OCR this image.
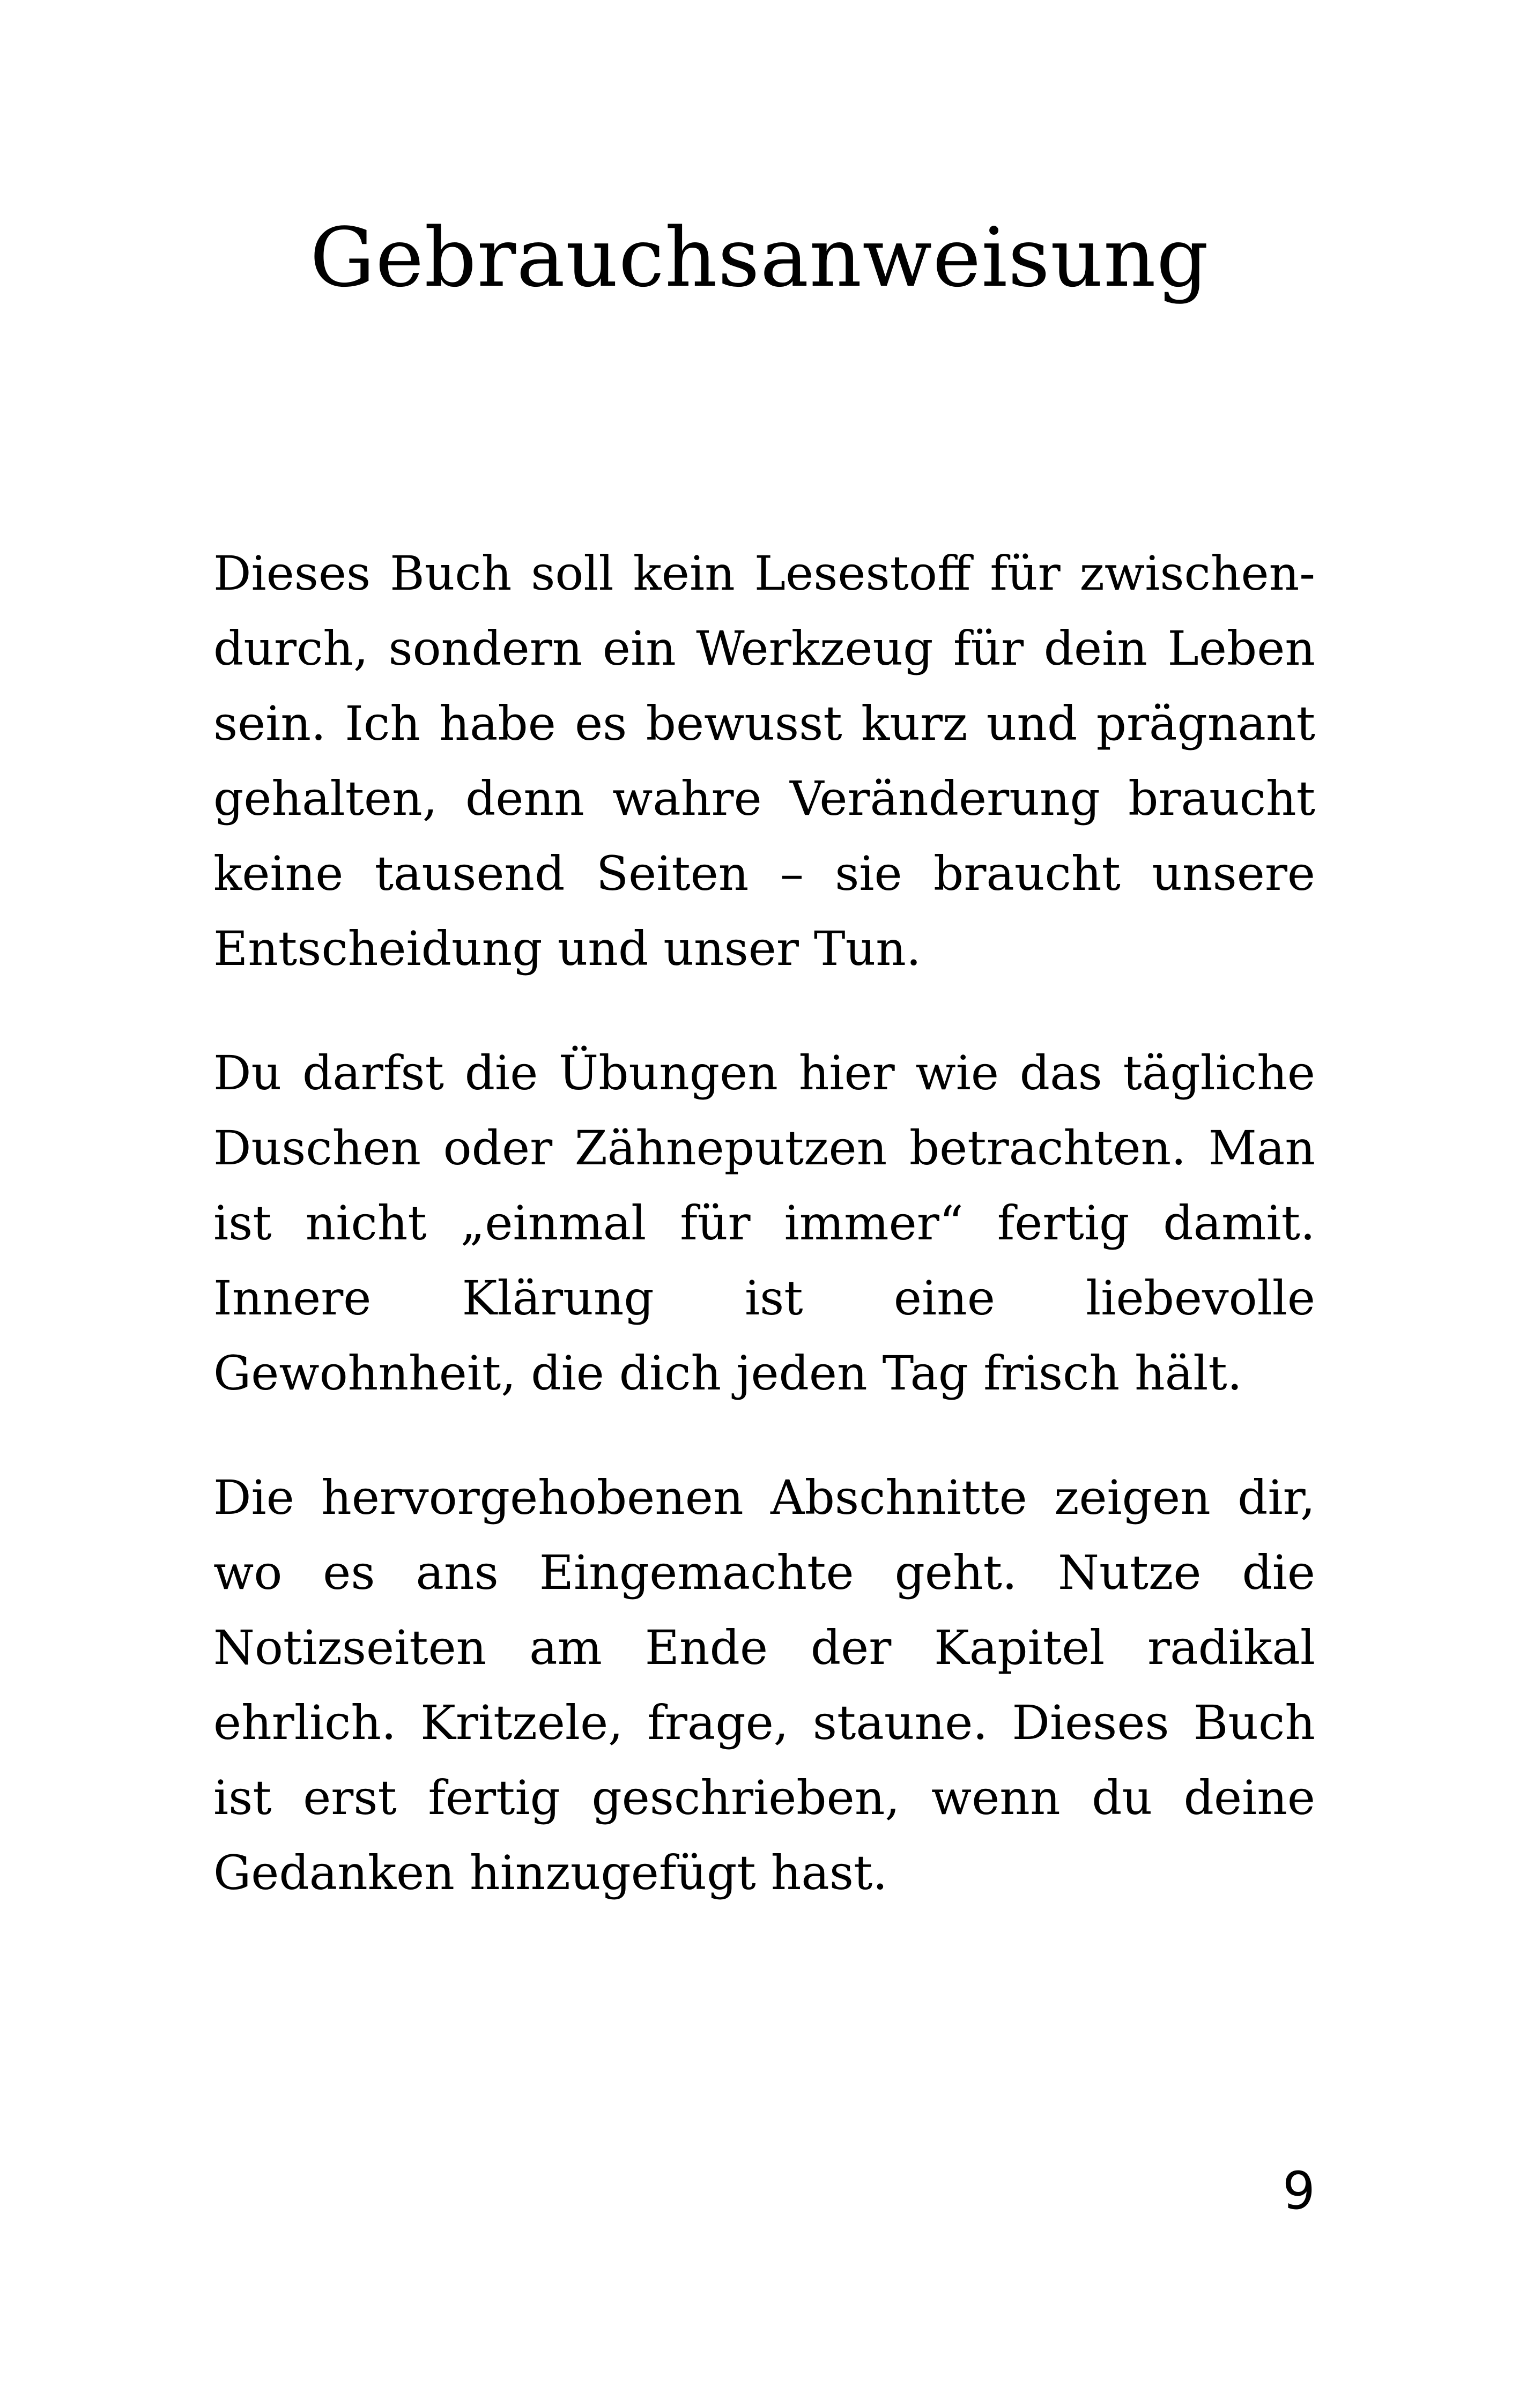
Gebrauchsanweisung

Dieses Buch soll kein Lesestoff für zwischendurch, sondern ein Werkzeug für dein Leben sein. Ich habe es bewusst kurz und prägnant gehalten, denn wahre Veränderung braucht keine tausend Seiten – sie braucht unsere Entscheidung und unser Tun.

Du darfst die Übungen hier wie das tägliche Duschen oder Zähneputzen betrachten. Man ist nicht „einmal für immer“ fertig damit. Innere Klärung ist eine liebevolle Gewohnheit, die dich jeden Tag frisch hält.

Die hervorgehobenen Abschnitte zeigen dir, wo es ans Eingemachte geht. Nutze die Notizseiten am Ende der Kapitel radikal ehrlich. Kritzele, frage, staune. Dieses Buch ist erst fertig geschrieben, wenn du deine Gedanken hinzugefügt hast.

9
